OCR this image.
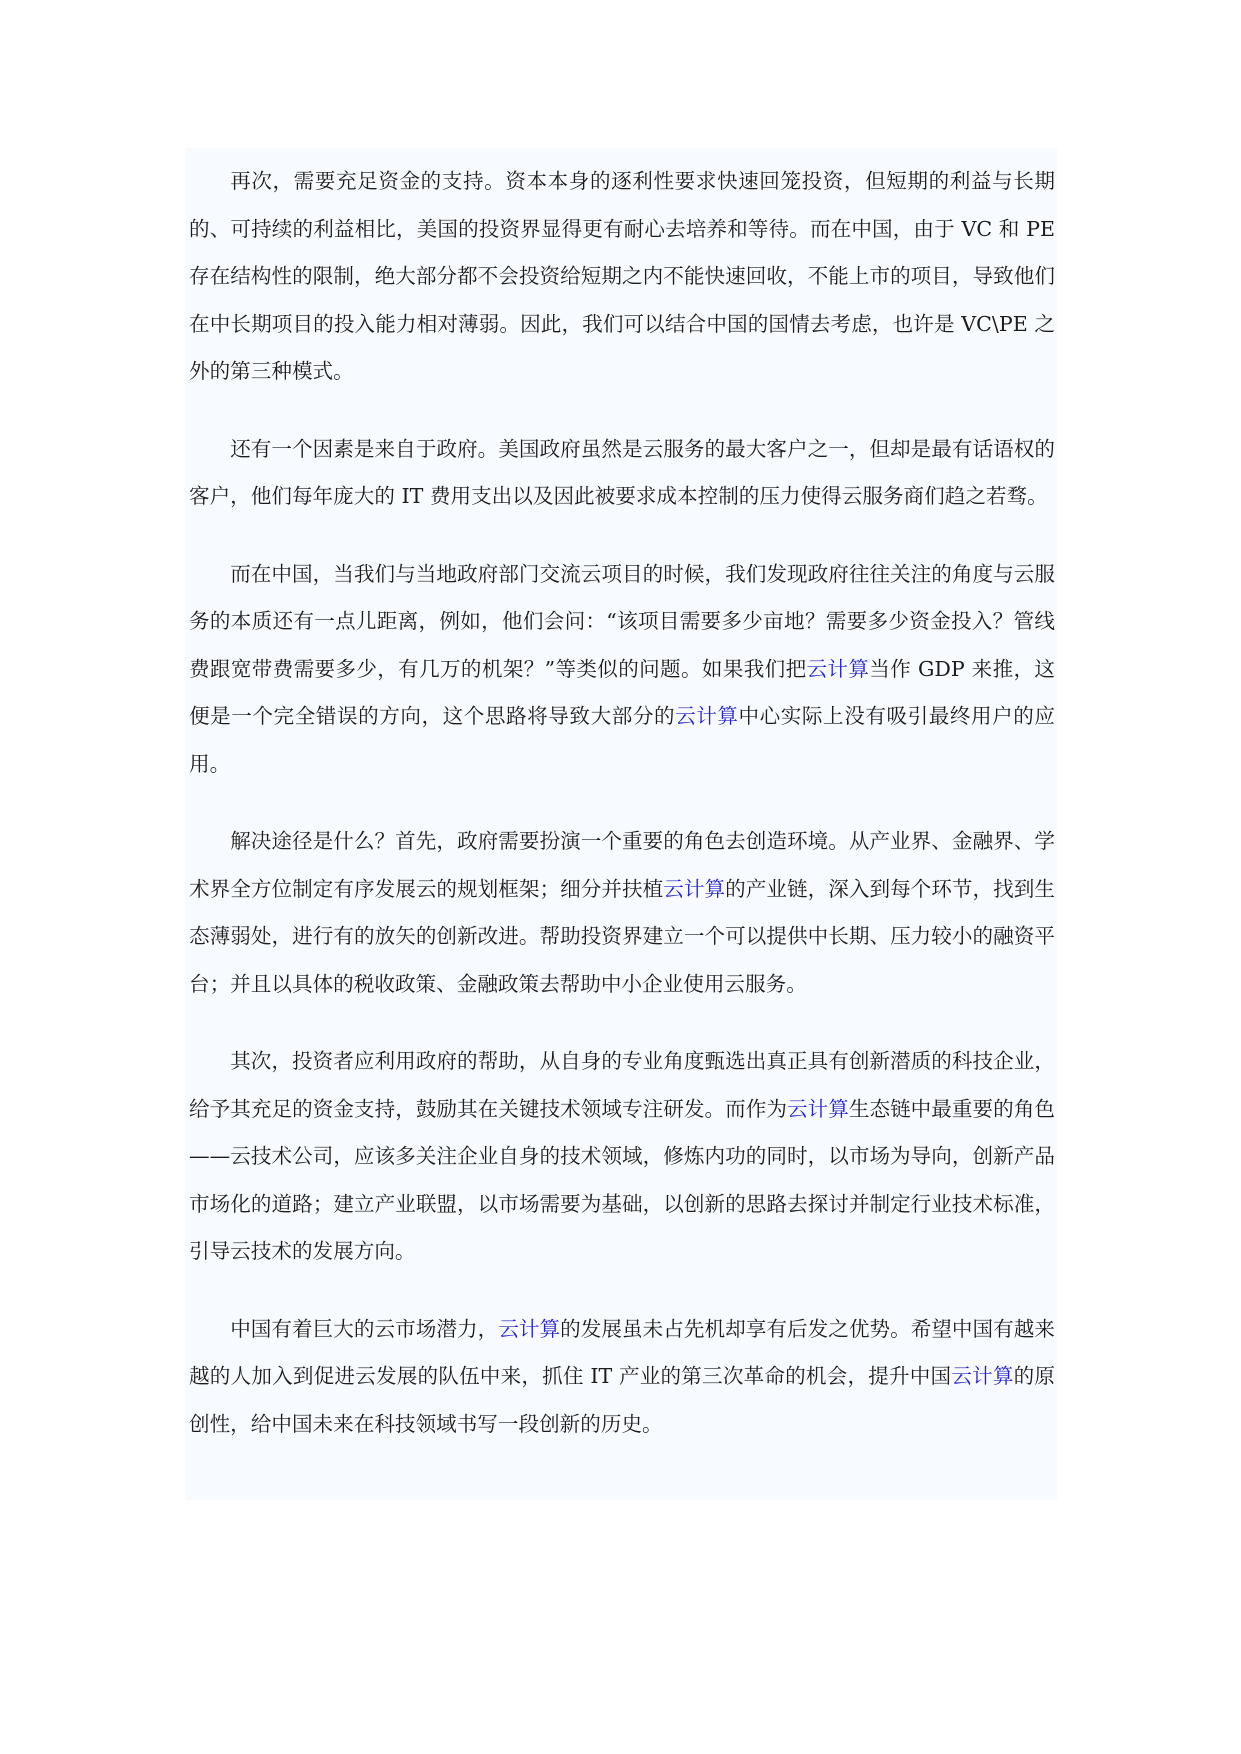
再次，需要充足资金的支持。资本本身的逐利性要求快速回笼投资，但短期的利益与长期的、可持续的利益相比，美国的投资界显得更有耐心去培养和等待。而在中国，由于 VC 和 PE 存在结构性的限制，绝大部分都不会投资给短期之内不能快速回收，不能上市的项目，导致他们在中长期项目的投入能力相对薄弱。因此，我们可以结合中国的国情去考虑，也许是 VC\PE 之外的第三种模式。

还有一个因素是来自于政府。美国政府虽然是云服务的最大客户之一，但却是最有话语权的客户，他们每年庞大的 IT 费用支出以及因此被要求成本控制的压力使得云服务商们趋之若骛。

而在中国，当我们与当地政府部门交流云项目的时候，我们发现政府往往关注的角度与云服务的本质还有一点儿距离，例如，他们会问：“该项目需要多少亩地？需要多少资金投入？管线费跟宽带费需要多少，有几万的机架？”等类似的问题。如果我们把云计算当作 GDP 来推，这便是一个完全错误的方向，这个思路将导致大部分的云计算中心实际上没有吸引最终用户的应用。

解决途径是什么？首先，政府需要扮演一个重要的角色去创造环境。从产业界、金融界、学术界全方位制定有序发展云的规划框架；细分并扶植云计算的产业链，深入到每个环节，找到生态薄弱处，进行有的放矢的创新改进。帮助投资界建立一个可以提供中长期、压力较小的融资平台；并且以具体的税收政策、金融政策去帮助中小企业使用云服务。

其次，投资者应利用政府的帮助，从自身的专业角度甄选出真正具有创新潜质的科技企业，给予其充足的资金支持，鼓励其在关键技术领域专注研发。而作为云计算生态链中最重要的角色——云技术公司，应该多关注企业自身的技术领域，修炼内功的同时，以市场为导向，创新产品市场化的道路；建立产业联盟，以市场需要为基础，以创新的思路去探讨并制定行业技术标准，引导云技术的发展方向。

中国有着巨大的云市场潜力，云计算的发展虽未占先机却享有后发之优势。希望中国有越来越的人加入到促进云发展的队伍中来，抓住 IT 产业的第三次革命的机会，提升中国云计算的原创性，给中国未来在科技领域书写一段创新的历史。
